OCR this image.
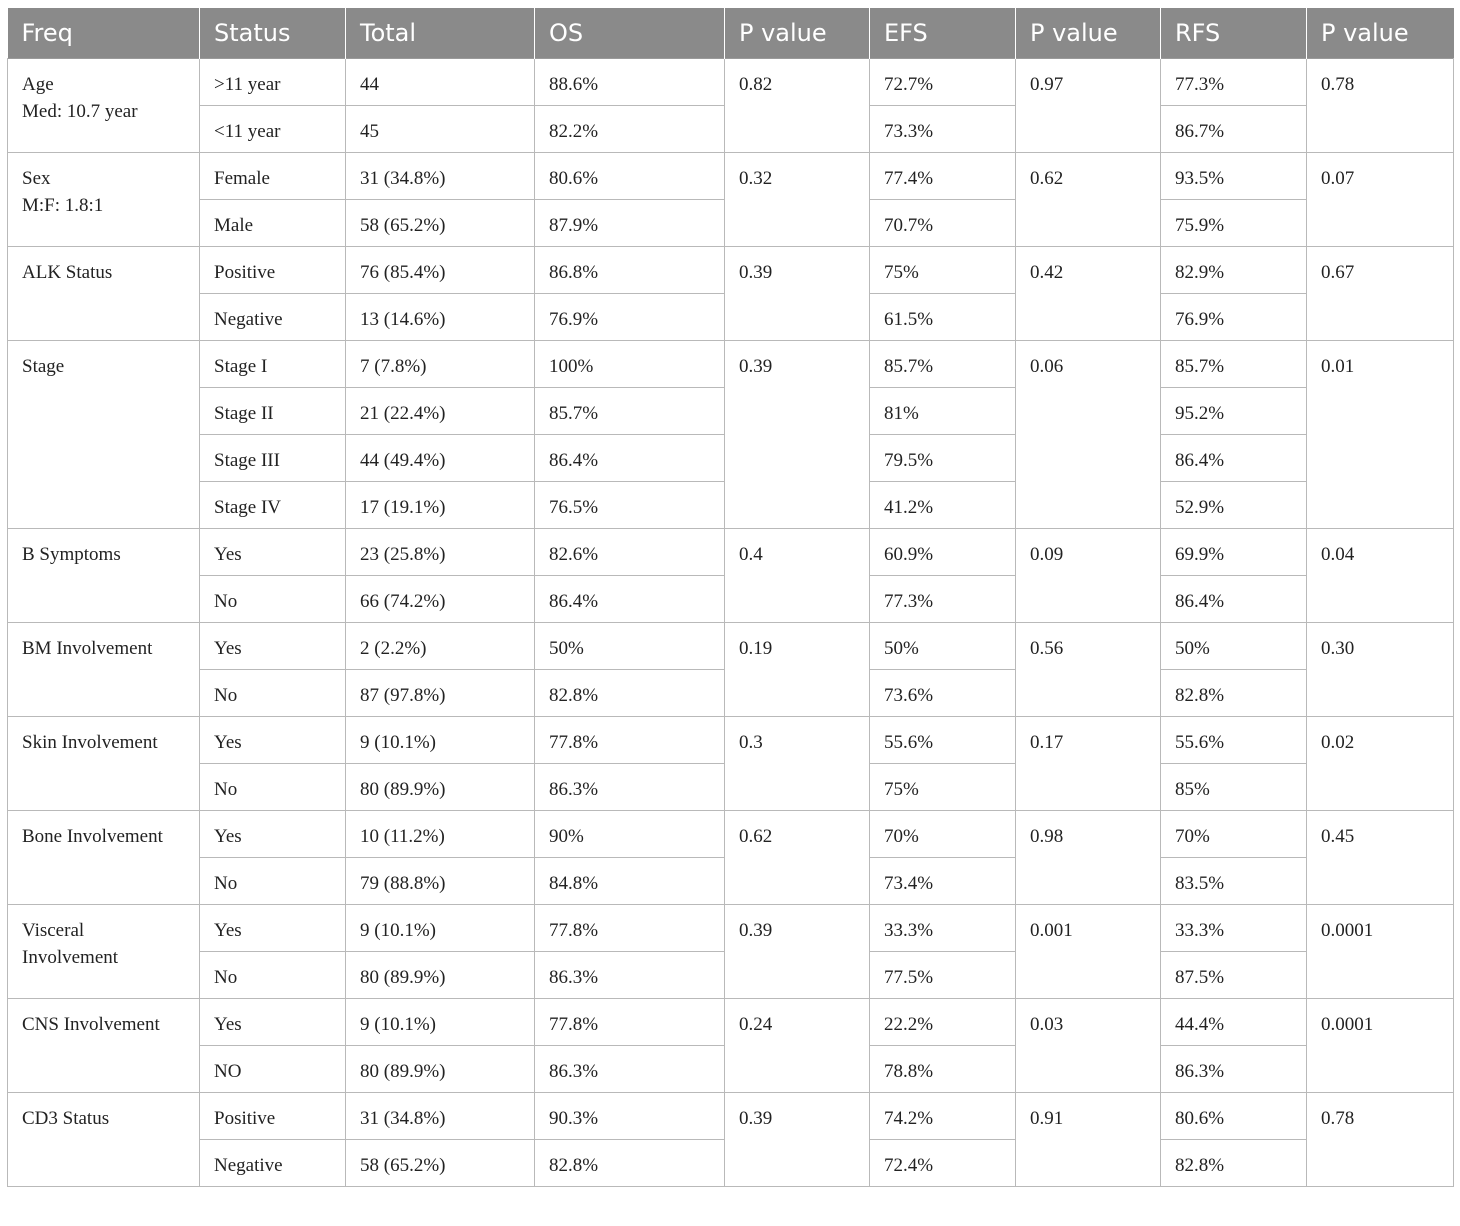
Freq	Status	Total	OS	P value	EFS	P value	RFS	P value

Age
Med: 10.7 year	>11 year	44	88.6%	0.82	72.7%	0.97	77.3%	0.78
	<11 year	45	82.2%		73.3%		86.7%	

Sex
M:F: 1.8:1	Female	31 (34.8%)	80.6%	0.32	77.4%	0.62	93.5%	0.07
	Male	58 (65.2%)	87.9%		70.7%		75.9%	

ALK Status	Positive	76 (85.4%)	86.8%	0.39	75%	0.42	82.9%	0.67
	Negative	13 (14.6%)	76.9%		61.5%		76.9%	

Stage	Stage I	7 (7.8%)	100%	0.39	85.7%	0.06	85.7%	0.01
	Stage II	21 (22.4%)	85.7%		81%		95.2%	
	Stage III	44 (49.4%)	86.4%		79.5%		86.4%	
	Stage IV	17 (19.1%)	76.5%		41.2%		52.9%	

B Symptoms	Yes	23 (25.8%)	82.6%	0.4	60.9%	0.09	69.9%	0.04
	No	66 (74.2%)	86.4%		77.3%		86.4%	

BM Involvement	Yes	2 (2.2%)	50%	0.19	50%	0.56	50%	0.30
	No	87 (97.8%)	82.8%		73.6%		82.8%	

Skin Involvement	Yes	9 (10.1%)	77.8%	0.3	55.6%	0.17	55.6%	0.02
	No	80 (89.9%)	86.3%		75%		85%	

Bone Involvement	Yes	10 (11.2%)	90%	0.62	70%	0.98	70%	0.45
	No	79 (88.8%)	84.8%		73.4%		83.5%	

Visceral
Involvement	Yes	9 (10.1%)	77.8%	0.39	33.3%	0.001	33.3%	0.0001
	No	80 (89.9%)	86.3%		77.5%		87.5%	

CNS Involvement	Yes	9 (10.1%)	77.8%	0.24	22.2%	0.03	44.4%	0.0001
	NO	80 (89.9%)	86.3%		78.8%		86.3%	

CD3 Status	Positive	31 (34.8%)	90.3%	0.39	74.2%	0.91	80.6%	0.78
	Negative	58 (65.2%)	82.8%		72.4%		82.8%	
